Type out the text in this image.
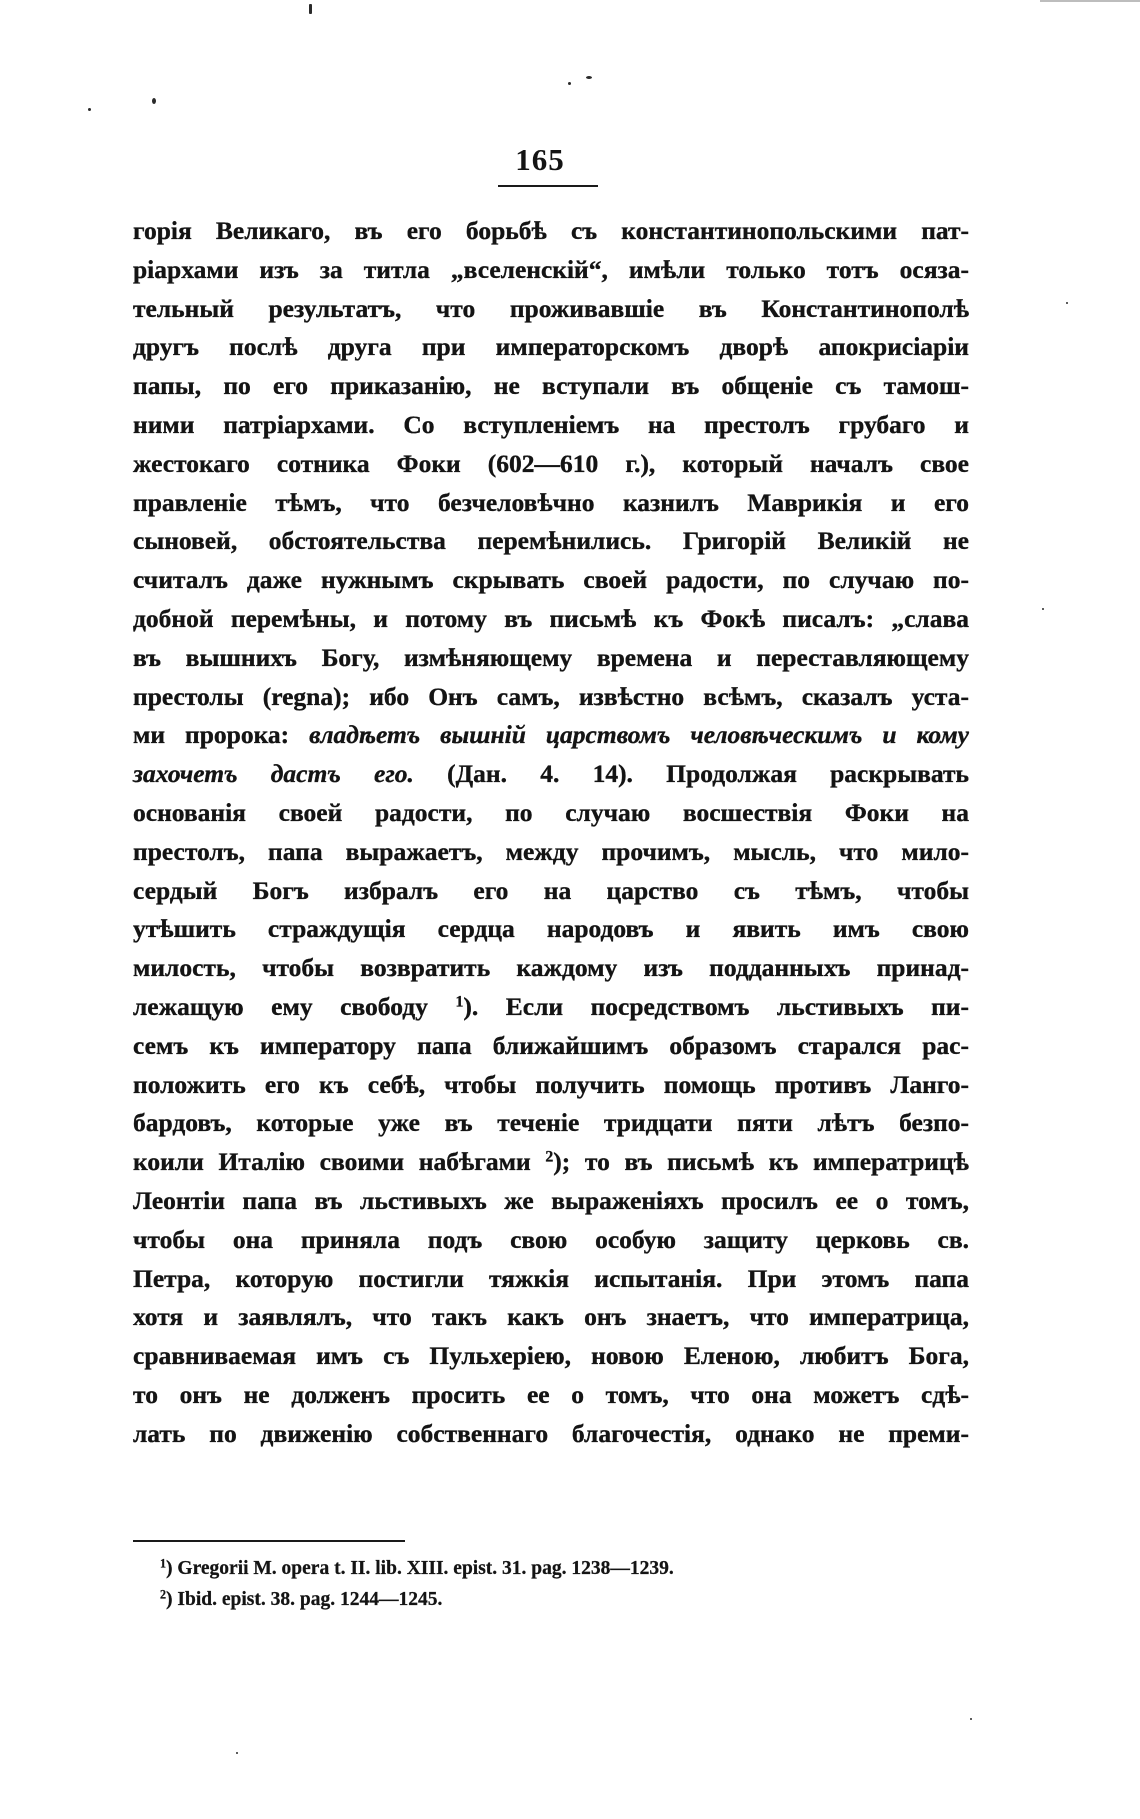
165
горія Великаго, въ его борьбѣ съ константинопольскими пат-
ріархами изъ за титла „вселенскій“, имѣли только тотъ осяза-
тельный результатъ, что проживавшіе въ Константинополѣ
другъ послѣ друга при императорскомъ дворѣ апокрисіаріи
папы, по его приказанію, не вступали въ общеніе съ тамош-
ними патріархами. Со вступленіемъ на престолъ грубаго и
жестокаго сотника Фоки (602—610 г.), который началъ свое
правленіе тѣмъ, что безчеловѣчно казнилъ Маврикія и его
сыновей, обстоятельства перемѣнились. Григорій Великій не
считалъ даже нужнымъ скрывать своей радости, по случаю по-
добной перемѣны, и потому въ письмѣ къ Фокѣ писалъ: „слава
въ вышнихъ Богу, измѣняющему времена и переставляющему
престолы (regna); ибо Онъ самъ, извѣстно всѣмъ, сказалъ уста-
ми пророка: владѣетъ вышній царствомъ человѣческимъ и кому
захочетъ дастъ его. (Дан. 4. 14). Продолжая раскрывать
основанія своей радости, по случаю восшествія Фоки на
престолъ, папа выражаетъ, между прочимъ, мысль, что мило-
сердый Богъ избралъ его на царство съ тѣмъ, чтобы
утѣшить страждущія сердца народовъ и явить имъ свою
милость, чтобы возвратить каждому изъ подданныхъ принад-
лежащую ему свободу $^1$). Если посредствомъ льстивыхъ пи-
семъ къ императору папа ближайшимъ образомъ старался рас-
положить его къ себѣ, чтобы получить помощь противъ Ланго-
бардовъ, которые уже въ теченіе тридцати пяти лѣтъ безпо-
коили Италію своими набѣгами $^2$); то въ письмѣ къ императрицѣ
Леонтіи папа въ льстивыхъ же выраженіяхъ просилъ ее о томъ,
чтобы она приняла подъ свою особую защиту церковь св.
Петра, которую постигли тяжкія испытанія. При этомъ папа
хотя и заявлялъ, что такъ какъ онъ знаетъ, что императрица,
сравниваемая имъ съ Пульхеріею, новою Еленою, любитъ Бога,
то онъ не долженъ просить ее о томъ, что она можетъ сдѣ-
лать по движенію собственнаго благочестія, однако не преми-
$^1$) Gregorii M. opera t. II. lib. XIII. epist. 31. pag. 1238—1239.
$^2$) Ibid. epist. 38. pag. 1244—1245.
